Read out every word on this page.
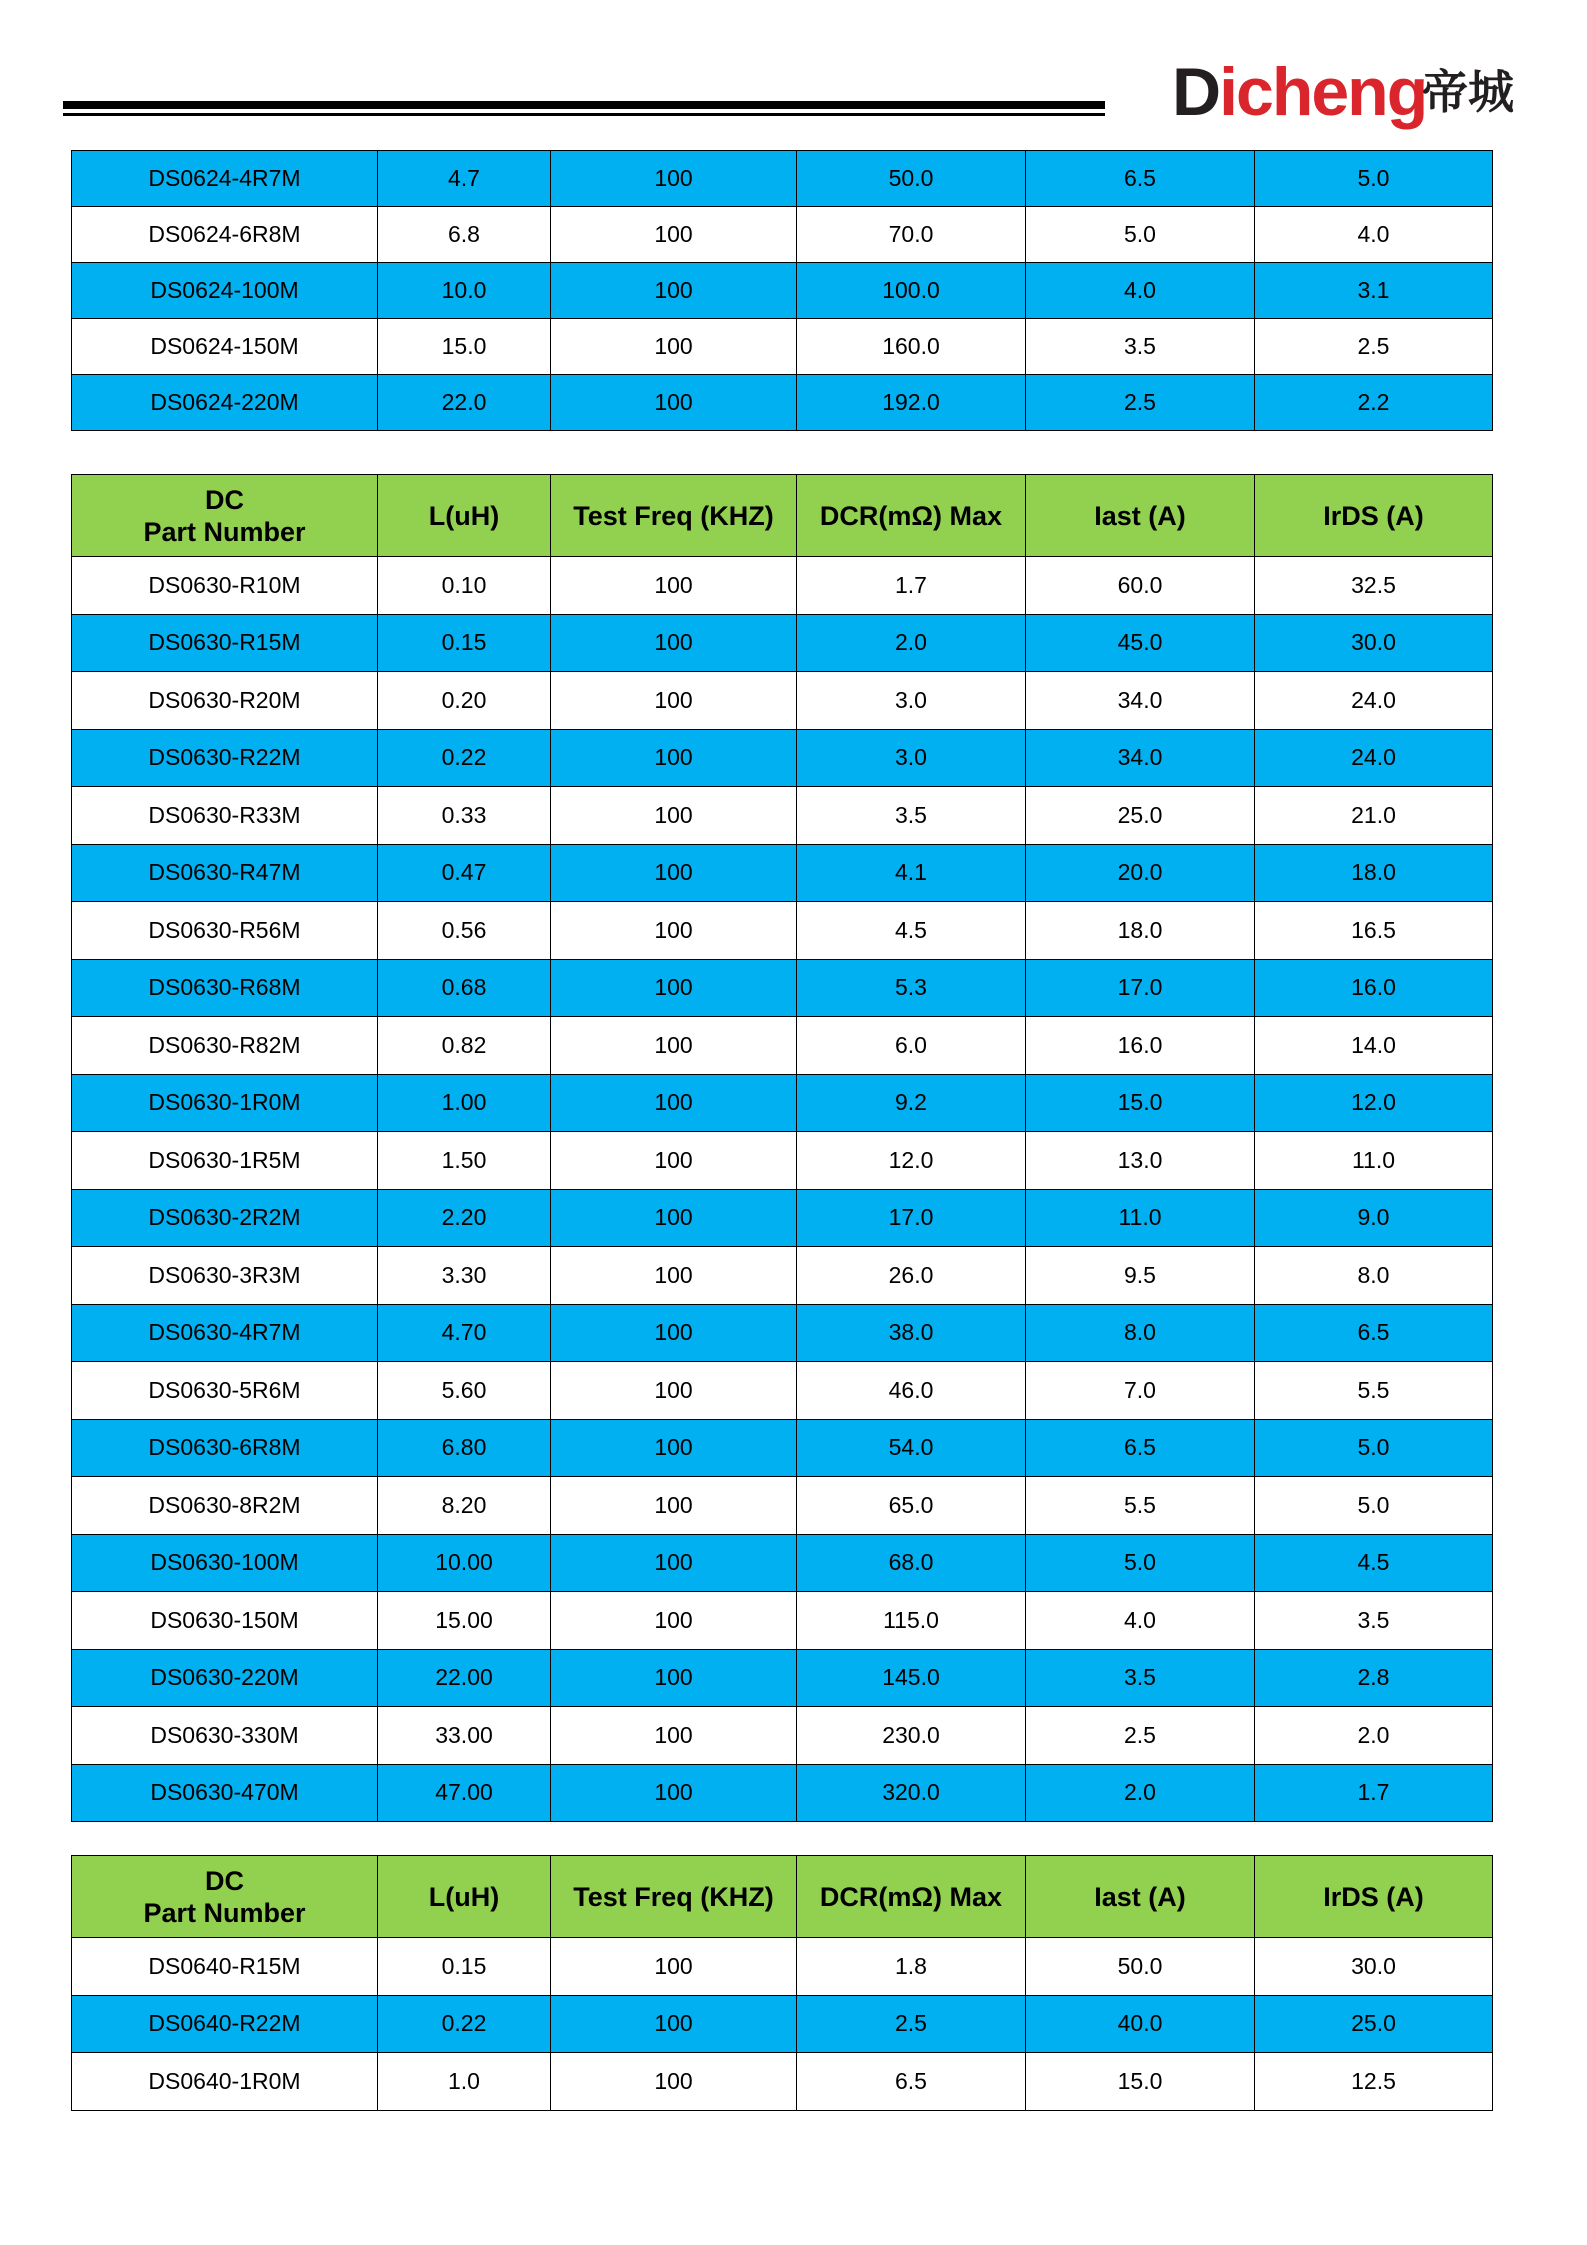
Dicheng
帝城
DS0624-4R7M	4.7	100	50.0	6.5	5.0
DS0624-6R8M	6.8	100	70.0	5.0	4.0
DS0624-100M	10.0	100	100.0	4.0	3.1
DS0624-150M	15.0	100	160.0	3.5	2.5
DS0624-220M	22.0	100	192.0	2.5	2.2
DC
Part Number	L(uH)	Test Freq (KHZ)	DCR(mΩ) Max	Iast (A)	IrDS (A)
DS0630-R10M	0.10	100	1.7	60.0	32.5
DS0630-R15M	0.15	100	2.0	45.0	30.0
DS0630-R20M	0.20	100	3.0	34.0	24.0
DS0630-R22M	0.22	100	3.0	34.0	24.0
DS0630-R33M	0.33	100	3.5	25.0	21.0
DS0630-R47M	0.47	100	4.1	20.0	18.0
DS0630-R56M	0.56	100	4.5	18.0	16.5
DS0630-R68M	0.68	100	5.3	17.0	16.0
DS0630-R82M	0.82	100	6.0	16.0	14.0
DS0630-1R0M	1.00	100	9.2	15.0	12.0
DS0630-1R5M	1.50	100	12.0	13.0	11.0
DS0630-2R2M	2.20	100	17.0	11.0	9.0
DS0630-3R3M	3.30	100	26.0	9.5	8.0
DS0630-4R7M	4.70	100	38.0	8.0	6.5
DS0630-5R6M	5.60	100	46.0	7.0	5.5
DS0630-6R8M	6.80	100	54.0	6.5	5.0
DS0630-8R2M	8.20	100	65.0	5.5	5.0
DS0630-100M	10.00	100	68.0	5.0	4.5
DS0630-150M	15.00	100	115.0	4.0	3.5
DS0630-220M	22.00	100	145.0	3.5	2.8
DS0630-330M	33.00	100	230.0	2.5	2.0
DS0630-470M	47.00	100	320.0	2.0	1.7
DC
Part Number	L(uH)	Test Freq (KHZ)	DCR(mΩ) Max	Iast (A)	IrDS (A)
DS0640-R15M	0.15	100	1.8	50.0	30.0
DS0640-R22M	0.22	100	2.5	40.0	25.0
DS0640-1R0M	1.0	100	6.5	15.0	12.5
